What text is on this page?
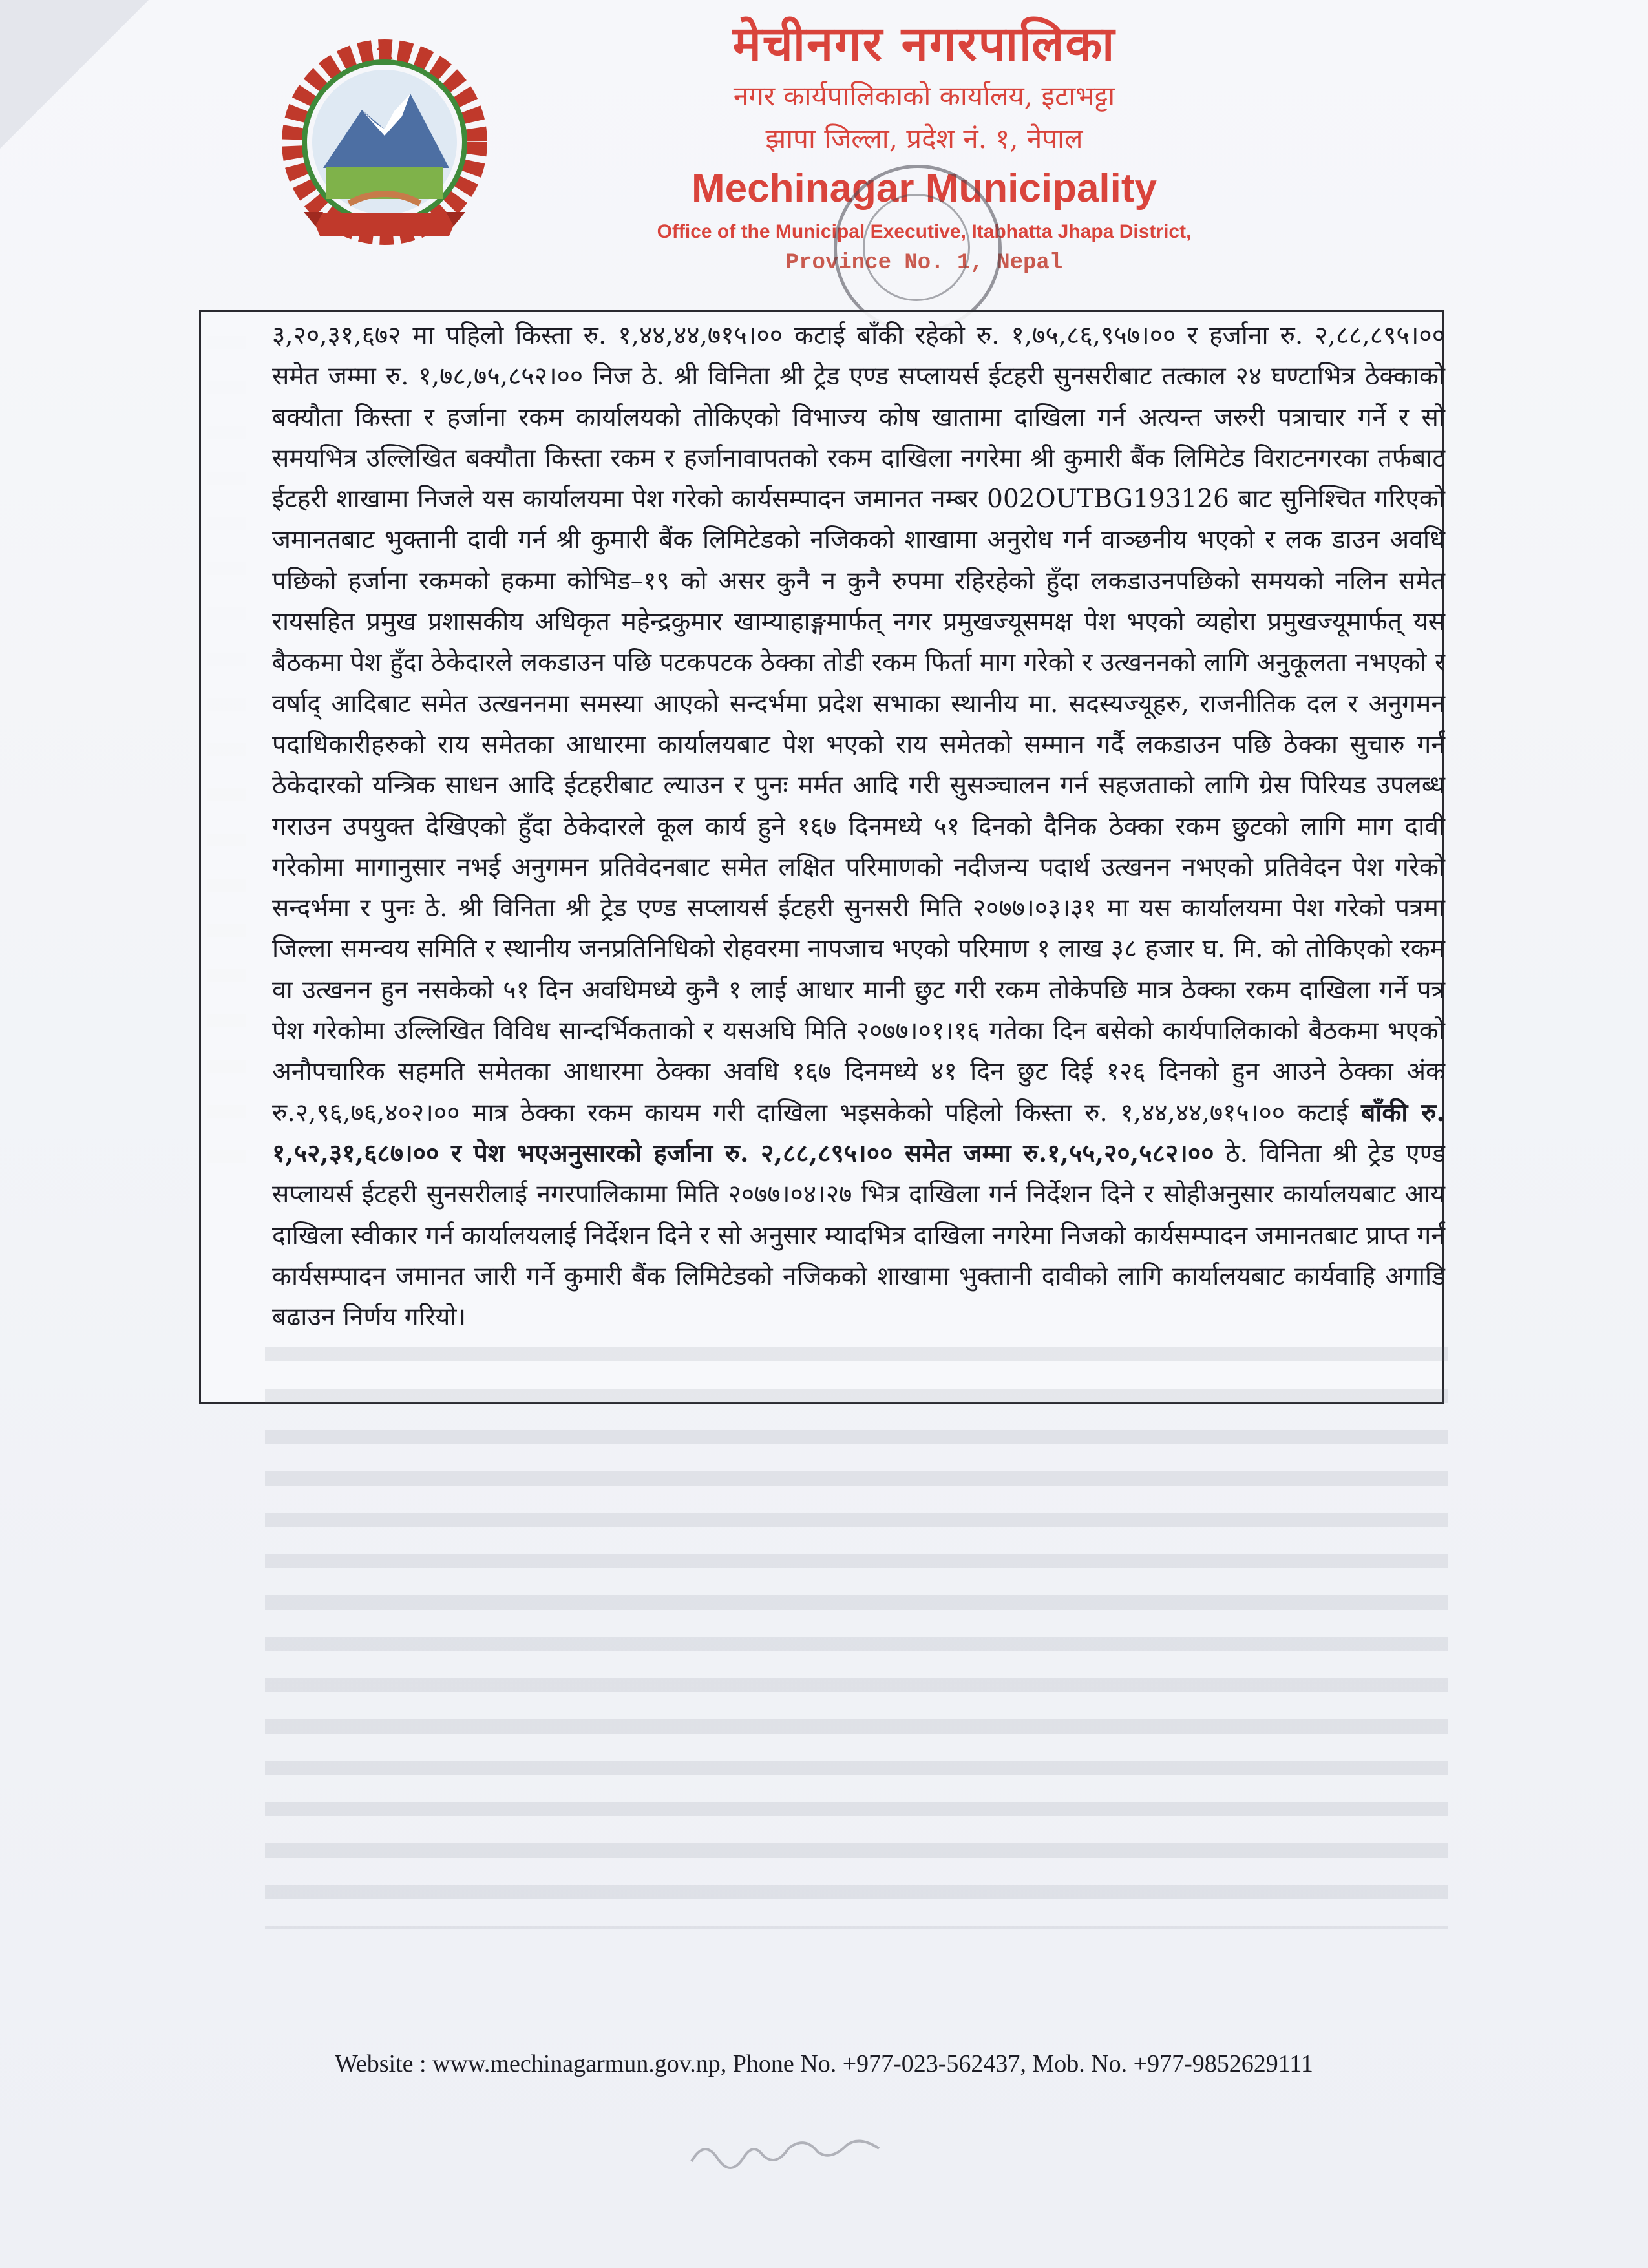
मेचीनगर नगरपालिका
नगर कार्यपालिकाको कार्यालय, इटाभट्टा
झापा जिल्ला, प्रदेश नं. १, नेपाल
Mechinagar Municipality
Office of the Municipal Executive, Itabhatta Jhapa District,
Province No. 1, Nepal

३,२०,३१,६७२ मा पहिलो किस्ता रु. १,४४,४४,७१५।०० कटाई बाँकी रहेको रु. १,७५,८६,९५७।०० र हर्जाना रु. २,८८,८९५।०० समेत जम्मा रु. १,७८,७५,८५२।०० निज ठे. श्री विनिता श्री ट्रेड एण्ड सप्लायर्स ईटहरी सुनसरीबाट तत्काल २४ घण्टाभित्र ठेक्काको बक्यौता किस्ता र हर्जाना रकम कार्यालयको तोकिएको विभाज्य कोष खातामा दाखिला गर्न अत्यन्त जरुरी पत्राचार गर्ने र सो समयभित्र उल्लिखित बक्यौता किस्ता रकम र हर्जानावापतको रकम दाखिला नगरेमा श्री कुमारी बैंक लिमिटेड विराटनगरका तर्फबाट ईटहरी शाखामा निजले यस कार्यालयमा पेश गरेको कार्यसम्पादन जमानत नम्बर 002OUTBG193126 बाट सुनिश्चित गरिएको जमानतबाट भुक्तानी दावी गर्न श्री कुमारी बैंक लिमिटेडको नजिकको शाखामा अनुरोध गर्न वाञ्छनीय भएको र लक डाउन अवधि पछिको हर्जाना रकमको हकमा कोभिड–१९ को असर कुनै न कुनै रुपमा रहिरहेको हुँदा लकडाउनपछिको समयको नलिन समेत रायसहित प्रमुख प्रशासकीय अधिकृत महेन्द्रकुमार खाम्याहाङ्गमार्फत् नगर प्रमुखज्यूसमक्ष पेश भएको व्यहोरा प्रमुखज्यूमार्फत् यस बैठकमा पेश हुँदा ठेकेदारले लकडाउन पछि पटकपटक ठेक्का तोडी रकम फिर्ता माग गरेको र उत्खननको लागि अनुकूलता नभएको र वर्षाद् आदिबाट समेत उत्खननमा समस्या आएको सन्दर्भमा प्रदेश सभाका स्थानीय मा. सदस्यज्यूहरु, राजनीतिक दल र अनुगमन पदाधिकारीहरुको राय समेतका आधारमा कार्यालयबाट पेश भएको राय समेतको सम्मान गर्दै लकडाउन पछि ठेक्का सुचारु गर्न ठेकेदारको यन्त्रिक साधन आदि ईटहरीबाट ल्याउन र पुनः मर्मत आदि गरी सुसञ्चालन गर्न सहजताको लागि ग्रेस पिरियड उपलब्ध गराउन उपयुक्त देखिएको हुँदा ठेकेदारले कूल कार्य हुने १६७ दिनमध्ये ५१ दिनको दैनिक ठेक्का रकम छुटको लागि माग दावी गरेकोमा मागानुसार नभई अनुगमन प्रतिवेदनबाट समेत लक्षित परिमाणको नदीजन्य पदार्थ उत्खनन नभएको प्रतिवेदन पेश गरेको सन्दर्भमा र पुनः ठे. श्री विनिता श्री ट्रेड एण्ड सप्लायर्स ईटहरी सुनसरी मिति २०७७।०३।३१ मा यस कार्यालयमा पेश गरेको पत्रमा जिल्ला समन्वय समिति र स्थानीय जनप्रतिनिधिको रोहवरमा नापजाच भएको परिमाण १ लाख ३८ हजार घ. मि. को तोकिएको रकम वा उत्खनन हुन नसकेको ५१ दिन अवधिमध्ये कुनै १ लाई आधार मानी छुट गरी रकम तोकेपछि मात्र ठेक्का रकम दाखिला गर्ने पत्र पेश गरेकोमा उल्लिखित विविध सान्दर्भिकताको र यसअघि मिति २०७७।०१।१६ गतेका दिन बसेको कार्यपालिकाको बैठकमा भएको अनौपचारिक सहमति समेतका आधारमा ठेक्का अवधि १६७ दिनमध्ये ४१ दिन छुट दिई १२६ दिनको हुन आउने ठेक्का अंक रु.२,९६,७६,४०२।०० मात्र ठेक्का रकम कायम गरी दाखिला भइसकेको पहिलो किस्ता रु. १,४४,४४,७१५।०० कटाई बाँकी रु. १,५२,३१,६८७।०० र पेश भएअनुसारको हर्जाना रु. २,८८,८९५।०० समेत जम्मा रु.१,५५,२०,५८२।०० ठे. विनिता श्री ट्रेड एण्ड सप्लायर्स ईटहरी सुनसरीलाई नगरपालिकामा मिति २०७७।०४।२७ भित्र दाखिला गर्न निर्देशन दिने र सोहीअनुसार कार्यालयबाट आय दाखिला स्वीकार गर्न कार्यालयलाई निर्देशन दिने र सो अनुसार म्यादभित्र दाखिला नगरेमा निजको कार्यसम्पादन जमानतबाट प्राप्त गर्न कार्यसम्पादन जमानत जारी गर्ने कुमारी बैंक लिमिटेडको नजिकको शाखामा भुक्तानी दावीको लागि कार्यालयबाट कार्यवाहि अगाडि बढाउन निर्णय गरियो।

Website : www.mechinagarmun.gov.np, Phone No. +977-023-562437, Mob. No. +977-9852629111
